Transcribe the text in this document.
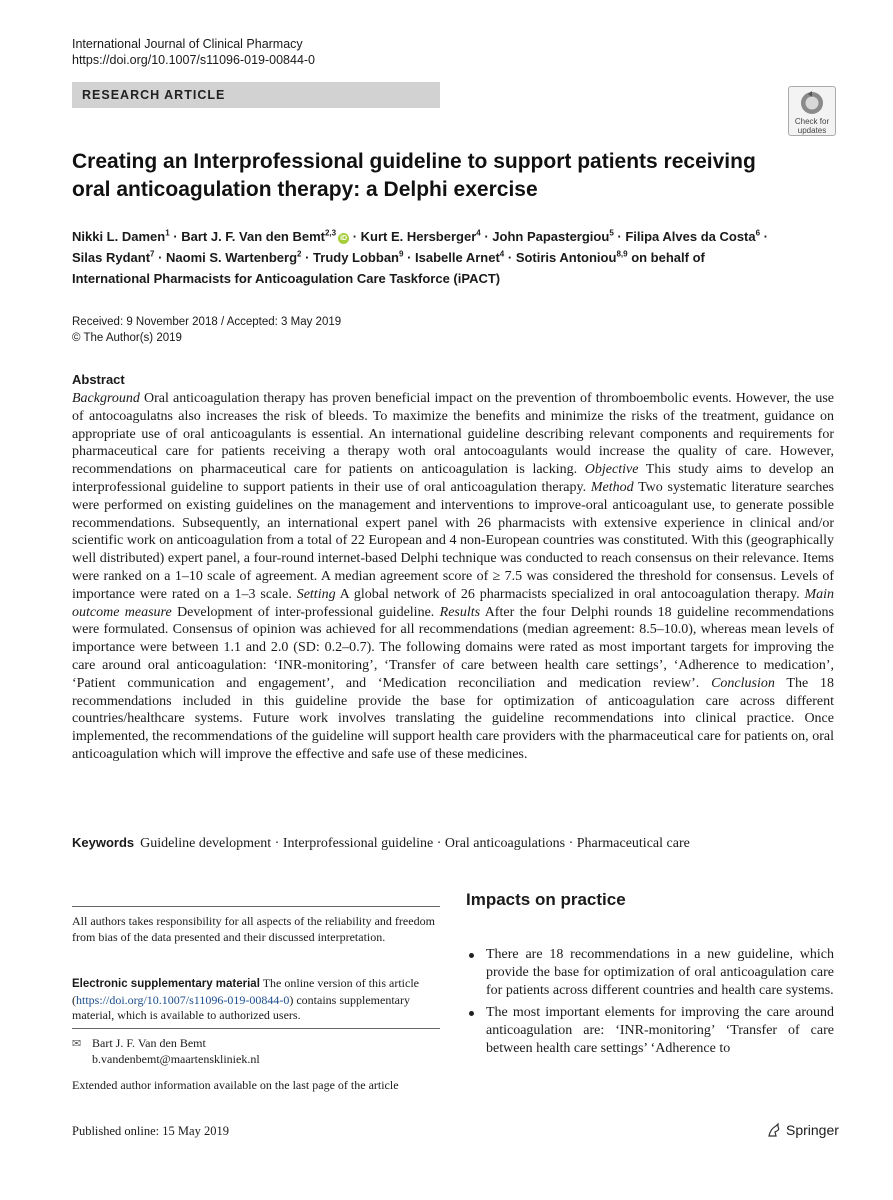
International Journal of Clinical Pharmacy
https://doi.org/10.1007/s11096-019-00844-0
RESEARCH ARTICLE
Check for
updates
Creating an Interprofessional guideline to support patients receiving
oral anticoagulation therapy: a Delphi exercise
Nikki L. Damen$^1$ · Bart J. F. Van den Bemt$^{2,3}$iD · Kurt E. Hersberger$^4$ · John Papastergiou$^5$ · Filipa Alves da Costa$^6$ ·
Silas Rydant$^7$ · Naomi S. Wartenberg$^2$ · Trudy Lobban$^9$ · Isabelle Arnet$^4$ · Sotiris Antoniou$^{8,9}$ on behalf of
International Pharmacists for Anticoagulation Care Taskforce (iPACT)
Received: 9 November 2018 / Accepted: 3 May 2019
© The Author(s) 2019
Abstract
Background Oral anticoagulation therapy has proven beneficial impact on the prevention of thromboembolic events. However, the use of antocoagulatns also increases the risk of bleeds. To maximize the benefits and minimize the risks of the treatment, guidance on appropriate use of oral anticoagulants is essential. An international guideline describing relevant components and requirements for pharmaceutical care for patients receiving a therapy woth oral antocoagulants would increase the quality of care. However, recommendations on pharmaceutical care for patients on anticoagulation is lacking. Objective This study aims to develop an interprofessional guideline to support patients in their use of oral anticoagulation therapy. Method Two systematic literature searches were performed on existing guidelines on the management and interventions to improve-oral anticoagulant use, to generate possible recommendations. Subsequently, an international expert panel with 26 pharmacists with extensive experience in clinical and/or scientific work on anticoagulation from a total of 22 European and 4 non-European countries was constituted. With this (geographically well distributed) expert panel, a four-round internet-based Delphi technique was conducted to reach consensus on their relevance. Items were ranked on a 1–10 scale of agreement. A median agreement score of ≥ 7.5 was considered the threshold for consensus. Levels of importance were rated on a 1–3 scale. Setting A global network of 26 pharmacists specialized in oral antocoagulation therapy. Main outcome measure Development of inter-professional guideline. Results After the four Delphi rounds 18 guideline recommendations were formulated. Consensus of opinion was achieved for all recommendations (median agreement: 8.5–10.0), whereas mean levels of importance were between 1.1 and 2.0 (SD: 0.2–0.7). The following domains were rated as most important targets for improving the care around oral anticoagulation: ‘INR-monitoring’, ‘Transfer of care between health care settings’, ‘Adherence to medication’, ‘Patient communication and engagement’, and ‘Medication reconciliation and medication review’. Conclusion The 18 recommendations included in this guideline provide the base for optimization of anticoagulation care across different countries/healthcare systems. Future work involves translating the guideline recommendations into clinical practice. Once implemented, the recommendations of the guideline will support health care providers with the pharmaceutical care for patients on, oral anticoagulation which will improve the effective and safe use of these medicines.
Keywords Guideline development · Interprofessional guideline · Oral anticoagulations · Pharmaceutical care
All authors takes responsibility for all aspects of the reliability and freedom from bias of the data presented and their discussed interpretation.
Electronic supplementary material The online version of this article (https://doi.org/10.1007/s11096-019-00844-0) contains supplementary material, which is available to authorized users.
✉ Bart J. F. Van den Bemt
b.vandenbemt@maartenskliniek.nl
Extended author information available on the last page of the article
Impacts on practice
There are 18 recommendations in a new guideline, which provide the base for optimization of oral anticoagulation care for patients across different countries and health care systems.
The most important elements for improving the care around anticoagulation are: ‘INR-monitoring’ ‘Transfer of care between health care settings’ ‘Adherence to
Published online: 15 May 2019	Springer
